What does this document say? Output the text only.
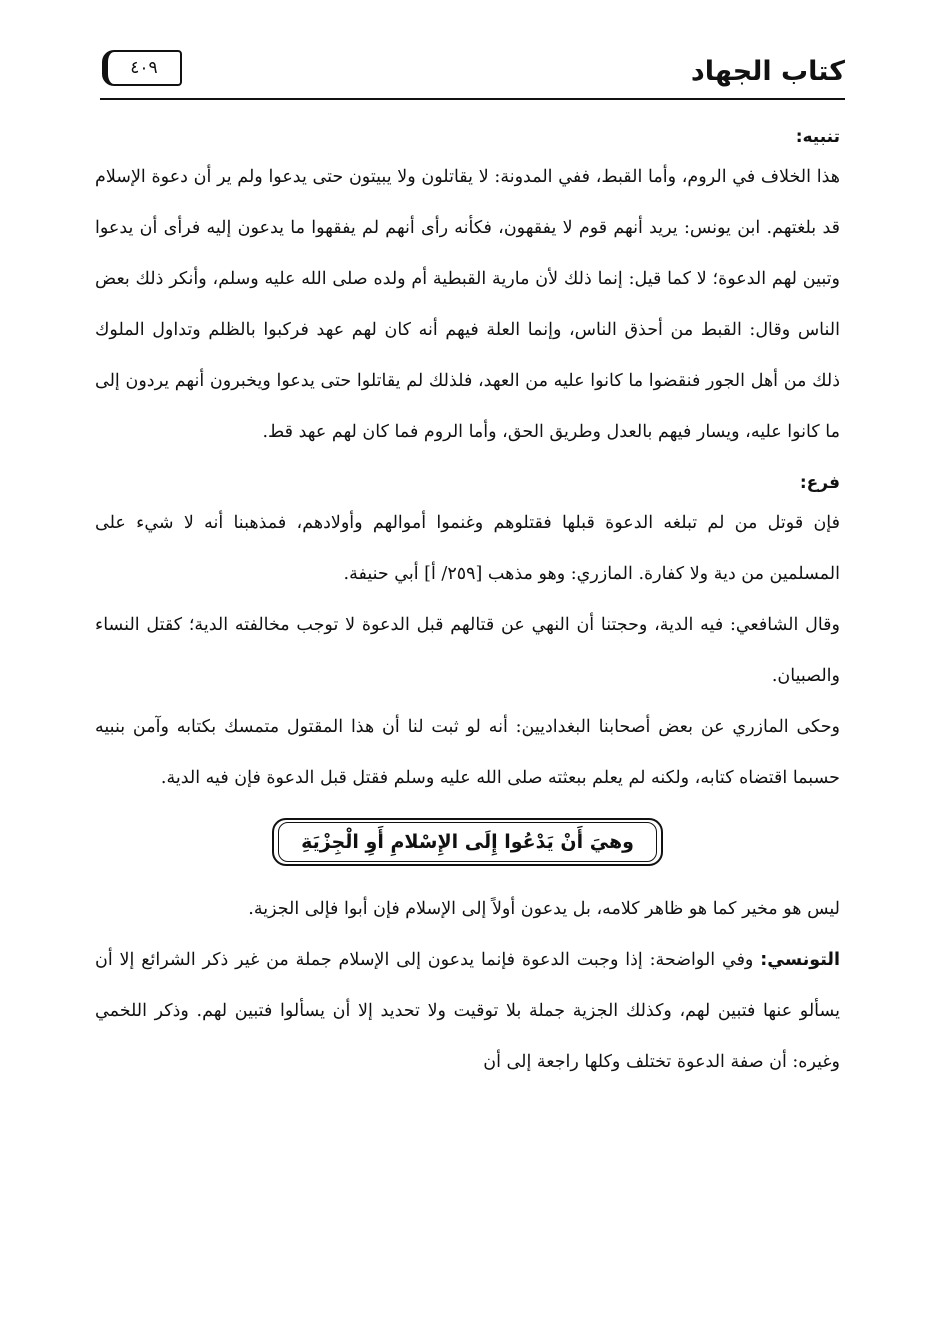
كتاب الجهاد
٤٠٩
تنبيه:

هذا الخلاف في الروم، وأما القبط، ففي المدونة: لا يقاتلون ولا يبيتون حتى يدعوا ولم ير أن دعوة الإسلام قد بلغتهم. ابن يونس: يريد أنهم قوم لا يفقهون، فكأنه رأى أنهم لم يفقهوا ما يدعون إليه فرأى أن يدعوا وتبين لهم الدعوة؛ لا كما قيل: إنما ذلك لأن مارية القبطية أم ولده صلى الله عليه وسلم، وأنكر ذلك بعض الناس وقال: القبط من أحذق الناس، وإنما العلة فيهم أنه كان لهم عهد فركبوا بالظلم وتداول الملوك ذلك من أهل الجور فنقضوا ما كانوا عليه من العهد، فلذلك لم يقاتلوا حتى يدعوا ويخبرون أنهم يردون إلى ما كانوا عليه، ويسار فيهم بالعدل وطريق الحق، وأما الروم فما كان لهم عهد قط.

فرع:

فإن قوتل من لم تبلغه الدعوة قبلها فقتلوهم وغنموا أموالهم وأولادهم، فمذهبنا أنه لا شيء على المسلمين من دية ولا كفارة. المازري: وهو مذهب [٢٥٩/ أ] أبي حنيفة.

وقال الشافعي: فيه الدية، وحجتنا أن النهي عن قتالهم قبل الدعوة لا توجب مخالفته الدية؛ كقتل النساء والصبيان.

وحكى المازري عن بعض أصحابنا البغداديين: أنه لو ثبت لنا أن هذا المقتول متمسك بكتابه وآمن بنبيه حسبما اقتضاه كتابه، ولكنه لم يعلم ببعثته صلى الله عليه وسلم فقتل قبل الدعوة فإن فيه الدية.

وهيَ أَنْ يَدْعُوا إِلَى الإِسْلامِ أَوِ الْجِزْيَةِ

ليس هو مخير كما هو ظاهر كلامه، بل يدعون أولاً إلى الإسلام فإن أبوا فإلى الجزية.

التونسي: وفي الواضحة: إذا وجبت الدعوة فإنما يدعون إلى الإسلام جملة من غير ذكر الشرائع إلا أن يسألو عنها فتبين لهم، وكذلك الجزية جملة بلا توقيت ولا تحديد إلا أن يسألوا فتبين لهم. وذكر اللخمي وغيره: أن صفة الدعوة تختلف وكلها راجعة إلى أن
